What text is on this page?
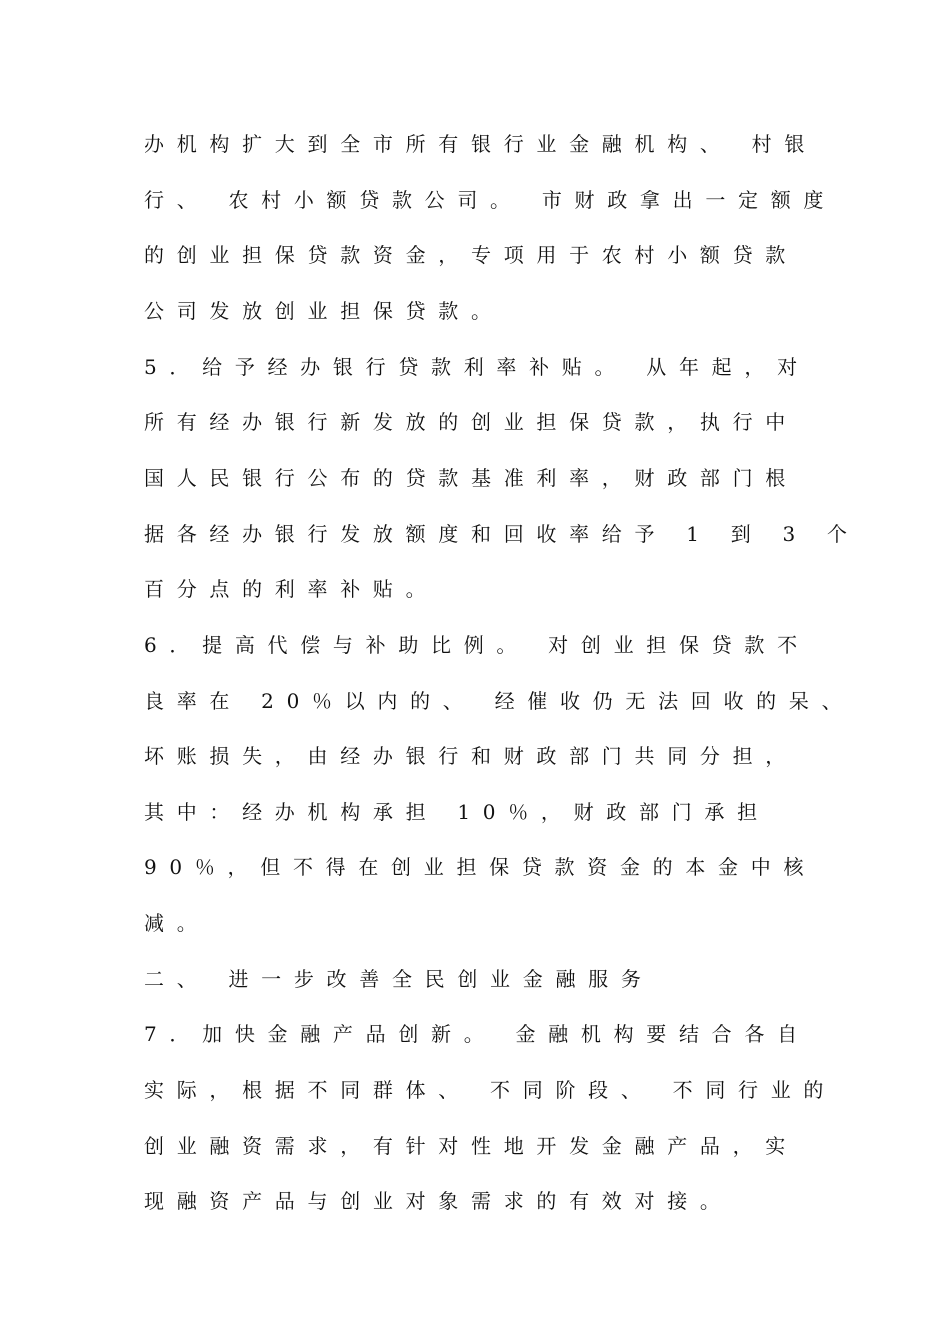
办机构扩大到全市所有银行业金融机构、 村银
行、 农村小额贷款公司。 市财政拿出一定额度
的创业担保贷款资金，专项用于农村小额贷款
公司发放创业担保贷款。
5．给予经办银行贷款利率补贴。 从年起，对
所有经办银行新发放的创业担保贷款，执行中
国人民银行公布的贷款基准利率，财政部门根
据各经办银行发放额度和回收率给予 1 到 3 个
百分点的利率补贴。
6．提高代偿与补助比例。 对创业担保贷款不
良率在 20％以内的、 经催收仍无法回收的呆、
坏账损失，由经办银行和财政部门共同分担，
其中：经办机构承担 10％，财政部门承担
90％，但不得在创业担保贷款资金的本金中核
减。
二、 进一步改善全民创业金融服务
7．加快金融产品创新。 金融机构要结合各自
实际，根据不同群体、 不同阶段、 不同行业的
创业融资需求，有针对性地开发金融产品，实
现融资产品与创业对象需求的有效对接。
